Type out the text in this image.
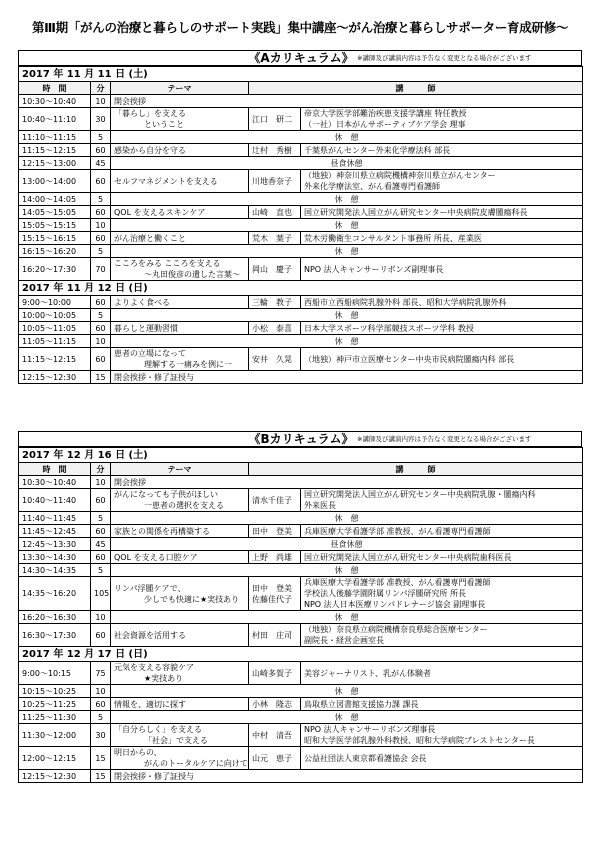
第Ⅲ期「がんの治療と暮らしのサポート実践」集中講座〜がん治療と暮らしサポーター育成研修〜
《Aカリキュラム》 ※講師及び講演内容は予告なく変更となる場合がございます
2017 年 11 月 11 日 (土)				
時　間	分	テーマ	講　　　師	
10:30〜10:40	10	開会挨拶		

10:40〜11:10	30	「暮らし」を支える
ということ	江口　研二	帝京大学医学部難治疾患支援学講座 特任教授
（一社）日本がんサポーティブケア学会 理事

11:10〜11:15	5	休　憩		
11:15〜12:15	60	感染から自分を守る	辻村　秀樹	千葉県がんセンター外来化学療法科 部長

12:15〜13:00	45	昼食休憩		
13:00〜14:00	60	セルフマネジメントを支える	川地香奈子	（地独）神奈川県立病院機構神奈川県立がんセンター
外来化学療法室、がん看護専門看護師

14:00〜14:05	5	休　憩		
14:05〜15:05	60	QOL を支えるスキンケア	山崎　直也	国立研究開発法人国立がん研究センター中央病院皮膚腫瘍科長

15:05〜15:15	10	休　憩		
15:15〜16:15	60	がん治療と働くこと	荒木　葉子	荒木労働衛生コンサルタント事務所 所長、産業医

16:15〜16:20	5	休　憩		
16:20〜17:30	70	こころをみる こころを支える
〜丸田俊彦の遺した言葉〜	岡山　慶子	NPO 法人キャンサーリボンズ副理事長

2017 年 11 月 12 日 (日)				
9:00〜10:00	60	よりよく食べる	三輪　教子	西船市立西船病院乳腺外科 部長、昭和大学病院乳腺外科

10:00〜10:05	5	休　憩		
10:05〜11:05	60	暮らしと運動習慣	小松　泰喜	日本大学スポーツ科学部競技スポーツ学科 教授

11:05〜11:15	10	休　憩		
11:15〜12:15	60	患者の立場になって
理解する一痛みを例に一	安井　久晃	（地独）神戸市立医療センター中央市民病院腫瘍内科 部長

12:15〜12:30	15	閉会挨拶・修了証授与		
《Bカリキュラム》 ※講師及び講演内容は予告なく変更となる場合がございます
2017 年 12 月 16 日 (土)				
時　間	分	テーマ	講　　　師	
10:30〜10:40	10	開会挨拶		

10:40〜11:40	60	がんになっても子供がほしい
一患者の選択を支える	清水千佳子	国立研究開発法人国立がん研究センター中央病院乳腺・腫瘍内科
外来医長

11:40〜11:45	5	休　憩		
11:45〜12:45	60	家族との関係を再構築する	田中　登美	兵庫医療大学看護学部 准教授、がん看護専門看護師

12:45〜13:30	45	昼食休憩		
13:30〜14:30	60	QOL を支える口腔ケア	上野　尚雄	国立研究開発法人国立がん研究センター中央病院歯科医長

14:30〜14:35	5	休　憩		
14:35〜16:20	105	リンパ浮腫ケアで、
少しでも快適に★実技あり	田中　登美
佐藤佳代子	兵庫医療大学看護学部 准教授、がん看護専門看護師
学校法人後藤学園附属リンパ浮腫研究所 所長
NPO 法人日本医療リンパドレナージ協会 副理事長

16:20〜16:30	10	休　憩		
16:30〜17:30	60	社会資源を活用する	村田　庄司	（地独）奈良県立病院機構奈良県総合医療センター
副院長・経営企画室長

2017 年 12 月 17 日 (日)				
9:00〜10:15	75	元気を支える容貌ケア
★実技あり	山崎多賀子	美容ジャーナリスト、乳がん体験者

10:15〜10:25	10	休　憩		
10:25〜11:25	60	情報を、適切に探す	小林　隆志	鳥取県立図書館支援協力課 課長

11:25〜11:30	5	休　憩		
11:30〜12:00	30	「自分らしく」を支える
「社会」で支える	中村　清吾	NPO 法人キャンサーリボンズ理事長
昭和大学医学部乳腺外科教授、昭和大学病院ブレストセンター長

12:00〜12:15	15	明日からの、
がんのトータルケアに向けて	山元　恵子	公益社団法人東京都看護協会 会長

12:15〜12:30	15	閉会挨拶・修了証授与		
